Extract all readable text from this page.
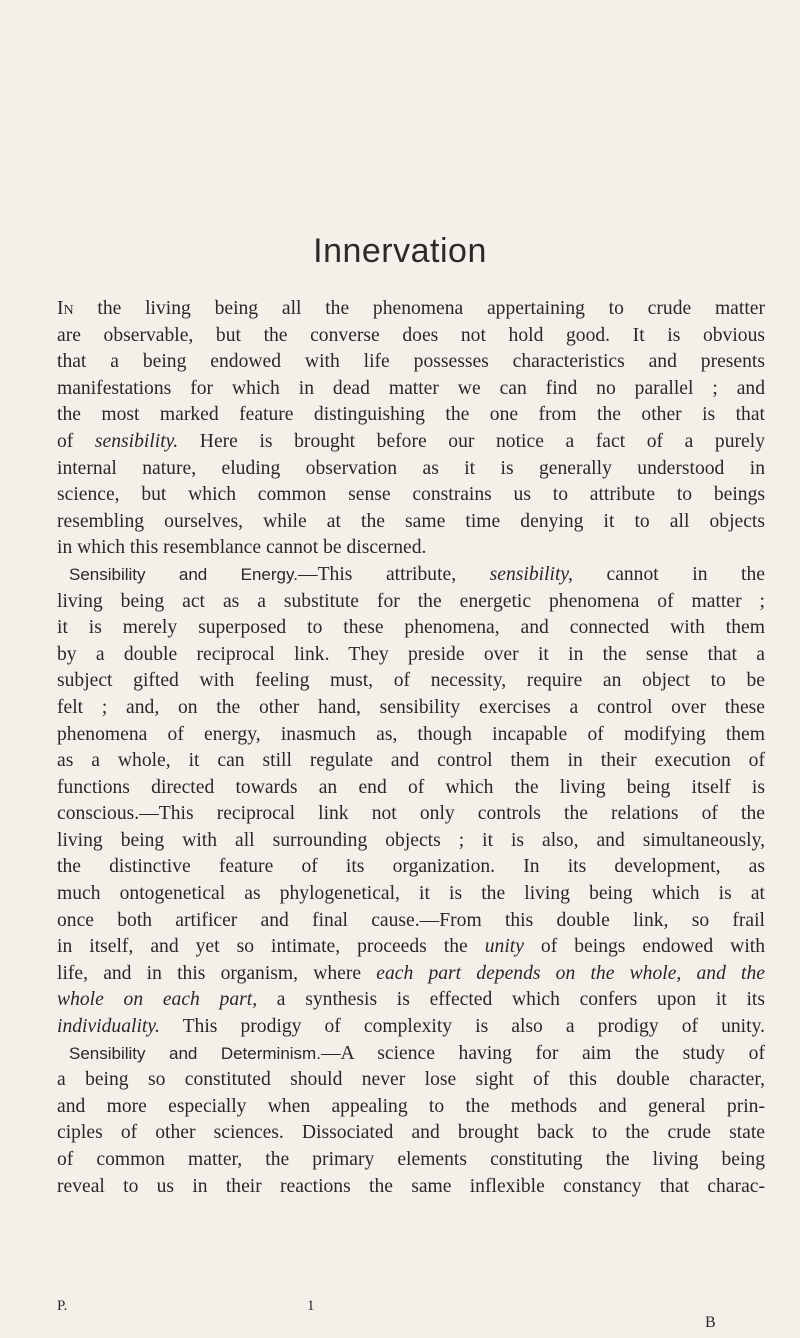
Innervation
In the living being all the phenomena appertaining to crude matter
are observable, but the converse does not hold good. It is obvious
that a being endowed with life possesses characteristics and presents
manifestations for which in dead matter we can find no parallel ; and
the most marked feature distinguishing the one from the other is that
of sensibility. Here is brought before our notice a fact of a purely
internal nature, eluding observation as it is generally understood in
science, but which common sense constrains us to attribute to beings
resembling ourselves, while at the same time denying it to all objects
in which this resemblance cannot be discerned.
Sensibility and Energy.—This attribute, sensibility, cannot in the
living being act as a substitute for the energetic phenomena of matter ;
it is merely superposed to these phenomena, and connected with them
by a double reciprocal link. They preside over it in the sense that a
subject gifted with feeling must, of necessity, require an object to be
felt ; and, on the other hand, sensibility exercises a control over these
phenomena of energy, inasmuch as, though incapable of modifying them
as a whole, it can still regulate and control them in their execution of
functions directed towards an end of which the living being itself is
conscious.—This reciprocal link not only controls the relations of the
living being with all surrounding objects ; it is also, and simultaneously,
the distinctive feature of its organization. In its development, as
much ontogenetical as phylogenetical, it is the living being which is at
once both artificer and final cause.—From this double link, so frail
in itself, and yet so intimate, proceeds the unity of beings endowed with
life, and in this organism, where each part depends on the whole, and the
whole on each part, a synthesis is effected which confers upon it its
individuality. This prodigy of complexity is also a prodigy of unity.
Sensibility and Determinism.—A science having for aim the study of
a being so constituted should never lose sight of this double character,
and more especially when appealing to the methods and general prin-
ciples of other sciences. Dissociated and brought back to the crude state
of common matter, the primary elements constituting the living being
reveal to us in their reactions the same inflexible constancy that charac-
P.	1
B
